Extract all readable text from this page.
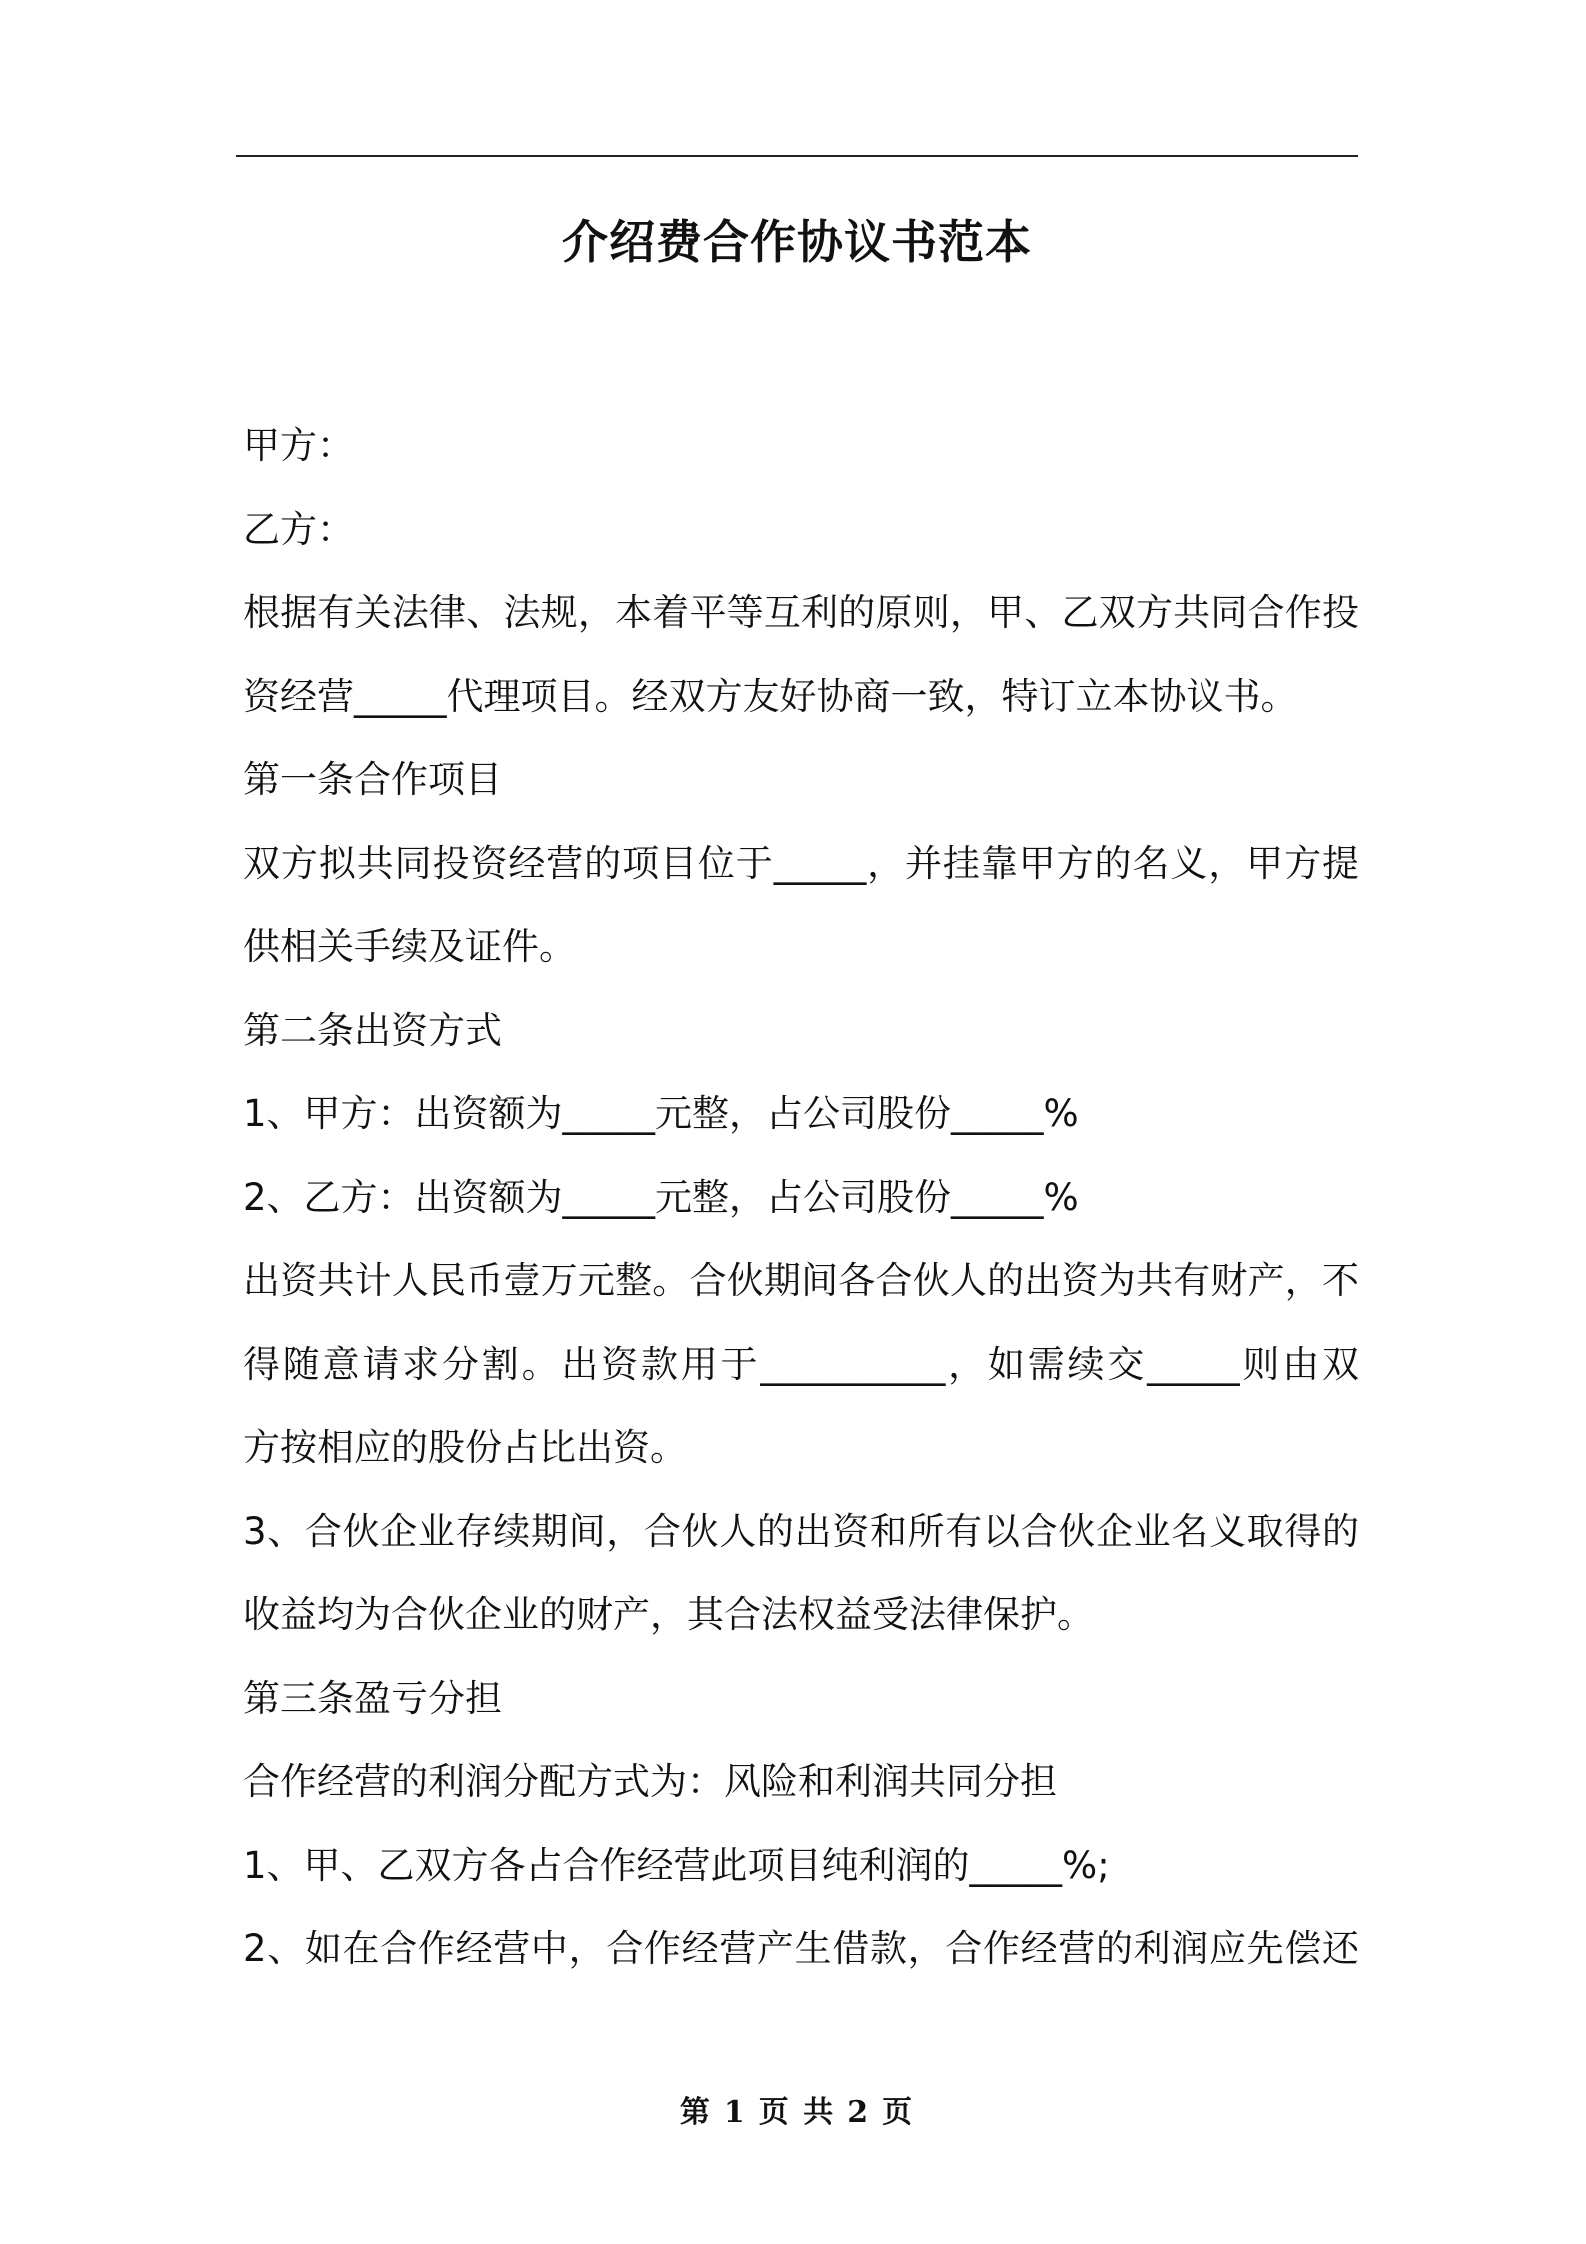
介绍费合作协议书范本
甲方：
乙方：
根据有关法律、法规，本着平等互利的原则，甲、乙双方共同合作投
资经营_____代理项目。经双方友好协商一致，特订立本协议书。
第一条合作项目
双方拟共同投资经营的项目位于_____，并挂靠甲方的名义，甲方提
供相关手续及证件。
第二条出资方式
1、甲方：出资额为_____元整，占公司股份_____%
2、乙方：出资额为_____元整，占公司股份_____%
出资共计人民币壹万元整。合伙期间各合伙人的出资为共有财产，不
得随意请求分割。出资款用于__________，如需续交_____则由双
方按相应的股份占比出资。
3、合伙企业存续期间，合伙人的出资和所有以合伙企业名义取得的
收益均为合伙企业的财产，其合法权益受法律保护。
第三条盈亏分担
合作经营的利润分配方式为：风险和利润共同分担
1、甲、乙双方各占合作经营此项目纯利润的_____%;
2、如在合作经营中，合作经营产生借款，合作经营的利润应先偿还
第 1 页 共 2 页
